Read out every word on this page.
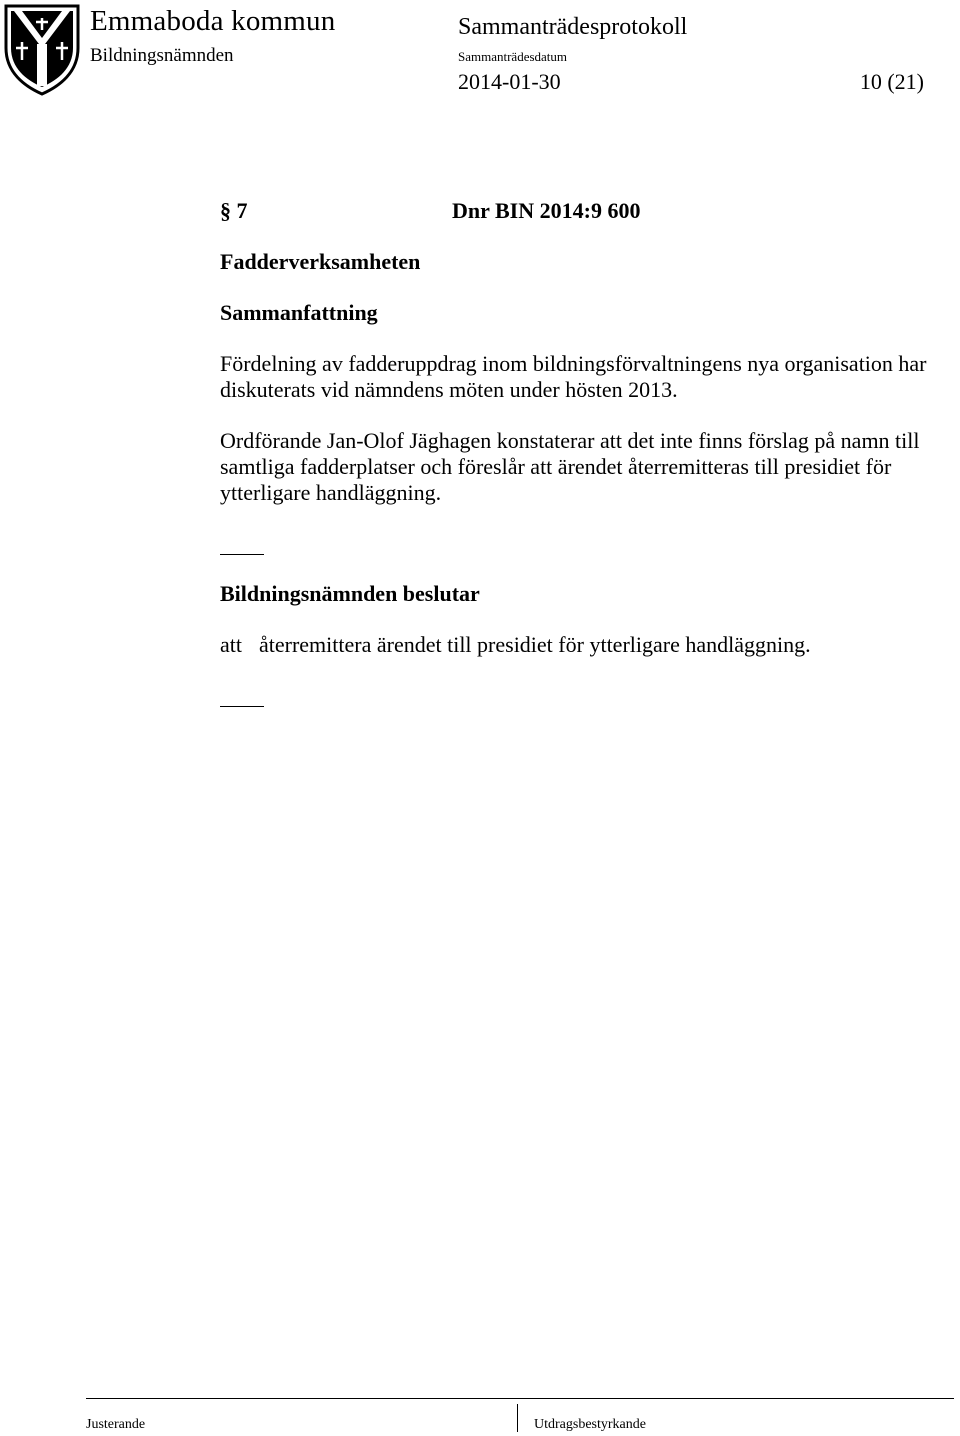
Emmaboda kommun
Bildningsnämnden
Sammanträdesprotokoll
Sammanträdesdatum
2014-01-30	10 (21)
§ 7	Dnr BIN 2014:9 600
Fadderverksamheten
Sammanfattning
Fördelning av fadderuppdrag inom bildningsförvaltningens nya organisation har diskuterats vid nämndens möten under hösten 2013.
Ordförande Jan-Olof Jäghagen konstaterar att det inte finns förslag på namn till samtliga fadderplatser och föreslår att ärendet återremitteras till presidiet för ytterligare handläggning.
Bildningsnämnden beslutar
att återremittera ärendet till presidiet för ytterligare handläggning.
Justerande	Utdragsbestyrkande
